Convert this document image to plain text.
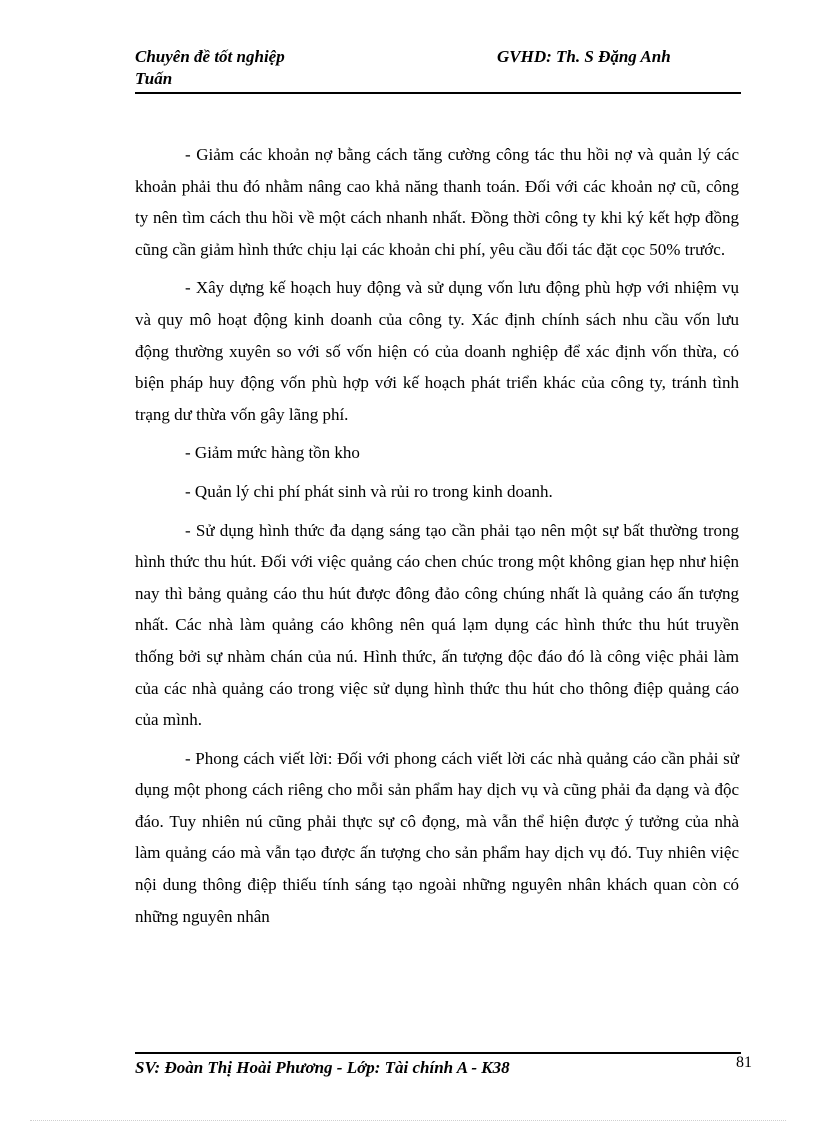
Chuyên đề tốt nghiệp
Tuấn
GVHD: Th. S Đặng Anh

- Giảm các khoản nợ bằng cách tăng cường công tác thu hồi nợ và quản lý các khoản phải thu đó nhằm nâng cao khả năng thanh toán. Đối với các khoản nợ cũ, công ty nên tìm cách thu hồi về một cách nhanh nhất. Đồng thời công ty khi ký kết hợp đồng cũng cần giảm hình thức chịu lại các khoản chi phí, yêu cầu đối tác đặt cọc 50% trước.

- Xây dựng kế hoạch huy động và sử dụng vốn lưu động phù hợp với nhiệm vụ và quy mô hoạt động kinh doanh của công ty. Xác định chính sách nhu cầu vốn lưu động thường xuyên so với số vốn hiện có của doanh nghiệp để xác định vốn thừa, có biện pháp huy động vốn phù hợp với kế hoạch phát triển khác của công ty, tránh tình trạng dư thừa vốn gây lãng phí.

- Giảm mức hàng tồn kho

- Quản lý chi phí phát sinh và rủi ro trong kinh doanh.

- Sử dụng hình thức đa dạng sáng tạo cần phải tạo nên một sự bất thường trong hình thức thu hút. Đối với việc quảng cáo chen chúc trong một không gian hẹp như hiện nay thì bảng quảng cáo thu hút được đông đảo công chúng nhất là quảng cáo ấn tượng nhất. Các nhà làm quảng cáo không nên quá lạm dụng các hình thức thu hút truyền thống bởi sự nhàm chán của nú. Hình thức, ấn tượng độc đáo đó là công việc phải làm của các nhà quảng cáo trong việc sử dụng hình thức thu hút cho thông điệp quảng cáo của mình.

- Phong cách viết lời: Đối với phong cách viết lời các nhà quảng cáo cần phải sử dụng một phong cách riêng cho mỗi sản phẩm hay dịch vụ và cũng phải đa dạng và độc đáo. Tuy nhiên nú cũng phải thực sự cô đọng, mà vẫn thể hiện được ý tưởng của nhà làm quảng cáo mà vẫn tạo được ấn tượng cho sản phẩm hay dịch vụ đó. Tuy nhiên việc nội dung thông điệp thiếu tính sáng tạo ngoài những nguyên nhân khách quan còn có những nguyên nhân

SV: Đoàn Thị Hoài Phương - Lớp: Tài chính A - K38	81
